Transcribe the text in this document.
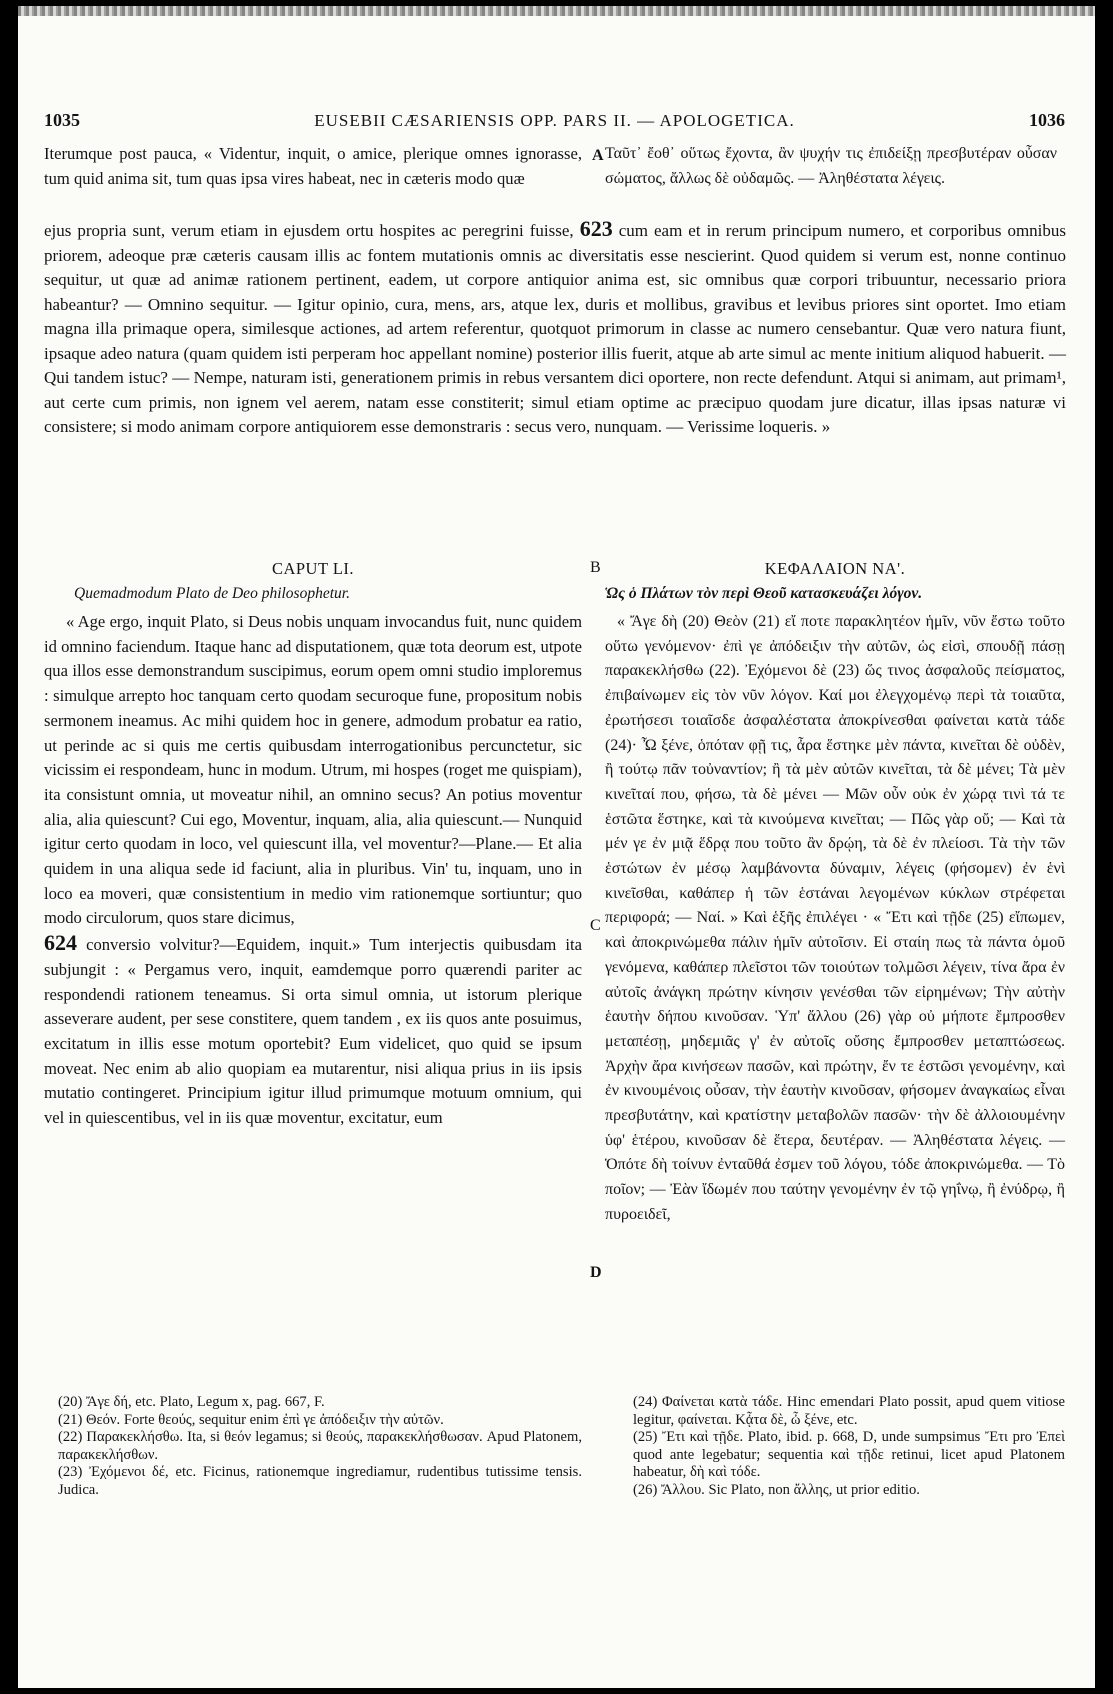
1035	EUSEBII CÆSARIENSIS OPP. PARS II. — APOLOGETICA.	1036

Iterumque post pauca, « Videntur, inquit, o amice, plerique omnes ignorasse, tum quid anima sit, tum quas ipsa vires habeat, nec in cæteris modo quæ

A Ταῦτ᾽ ἔοθ᾽ οὕτως ἔχοντα, ἂν ψυχήν τις ἐπιδείξῃ πρεσβυτέραν οὖσαν σώματος, ἄλλως δὲ οὐδαμῶς. — Ἀληθέστατα λέγεις.

ejus propria sunt, verum etiam in ejusdem ortu hospites ac peregrini fuisse, 623 cum eam et in rerum principum numero, et corporibus omnibus priorem, adeoque præ cæteris causam illis ac fontem mutationis omnis ac diversitatis esse nescierint. Quod quidem si verum est, nonne continuo sequitur, ut quæ ad animæ rationem pertinent, eadem, ut corpore antiquior anima est, sic omnibus quæ corpori tribuuntur, necessario priora habeantur? — Omnino sequitur. — Igitur opinio, cura, mens, ars, atque lex, duris et mollibus, gravibus et levibus priores sint oportet. Imo etiam magna illa primaque opera, similesque actiones, ad artem referentur, quotquot primorum in classe ac numero censebantur. Quæ vero natura fiunt, ipsaque adeo natura (quam quidem isti perperam hoc appellant nomine) posterior illis fuerit, atque ab arte simul ac mente initium aliquod habuerit. — Qui tandem istuc? — Nempe, naturam isti, generationem primis in rebus versantem dici oportere, non recte defendunt. Atqui si animam, aut primam¹, aut certe cum primis, non ignem vel aerem, natam esse constiterit; simul etiam optime ac præcipuo quodam jure dicatur, illas ipsas naturæ vi consistere; si modo animam corpore antiquiorem esse demonstraris : secus vero, nunquam. — Verissime loqueris. »

CAPUT LI.	B	ΚΕΦΑΛΑΙΟΝ ΝΑ'.
Quemadmodum Plato de Deo philosophetur.	Ὡς ὁ Πλάτων τὸν περὶ Θεοῦ κατασκευάζει λόγον.

« Age ergo, inquit Plato, si Deus nobis unquam invocandus fuit, nunc quidem id omnino faciendum. Itaque hanc ad disputationem, quæ tota deorum est, utpote qua illos esse demonstrandum suscipimus, eorum opem omni studio imploremus : simulque arrepto hoc tanquam certo quodam securoque fune, propositum nobis sermonem ineamus. Ac mihi quidem hoc in genere, admodum probatur ea ratio, ut perinde ac si quis me certis quibusdam interrogationibus percunctetur, sic vicissim ei respondeam, hunc in modum. Utrum, mi hospes (roget me quispiam), ita consistunt omnia, ut moveatur nihil, an omnino secus? An potius moventur alia, alia quiescunt? Cui ego, Moventur, inquam, alia, alia quiescunt.— Nunquid igitur certo quodam in loco, vel quiescunt illa, vel moventur?—Plane.— Et alia quidem in una aliqua sede id faciunt, alia in pluribus. Vin' tu, inquam, uno in loco ea moveri, quæ consistentium in medio vim rationemque sortiuntur; quo modo circulorum, quos stare dicimus,

624 conversio volvitur?—Equidem, inquit.» Tum interjectis quibusdam ita subjungit : « Pergamus vero, inquit, eamdemque porro quærendi pariter ac respondendi rationem teneamus. Si orta simul omnia, ut istorum plerique asseverare audent, per sese constitere, quem tandem , ex iis quos ante posuimus, excitatum in illis esse motum oportebit? Eum videlicet, quo quid se ipsum moveat. Nec enim ab alio quopiam ea mutarentur, nisi aliqua prius in iis ipsis mutatio contingeret. Principium igitur illud primumque motuum omnium, qui vel in quiescentibus, vel in iis quæ moventur, excitatur, eum

C
D

« Ἄγε δὴ (20) Θεὸν (21) εἴ ποτε παρακλητέον ἡμῖν, νῦν ἔστω τοῦτο οὕτω γενόμενον· ἐπὶ γε ἀπόδειξιν τὴν αὐτῶν, ὡς εἰσὶ, σπουδῇ πάσῃ παρακεκλήσθω (22). Ἐχόμενοι δὲ (23) ὥς τινος ἀσφαλοῦς πείσματος, ἐπιβαίνωμεν εἰς τὸν νῦν λόγον. Καί μοι ἐλεγχομένῳ περὶ τὰ τοιαῦτα, ἐρωτήσεσι τοιαῖσδε ἀσφαλέστατα ἀποκρίνεσθαι φαίνεται κατὰ τάδε (24)· Ὦ ξένε, ὁπόταν φῇ τις, ἆρα ἕστηκε μὲν πάντα, κινεῖται δὲ οὐδὲν, ἢ τούτῳ πᾶν τοὐναντίον; ἢ τὰ μὲν αὐτῶν κινεῖται, τὰ δὲ μένει; Τὰ μὲν κινεῖταί που, φήσω, τὰ δὲ μένει — Μῶν οὖν οὐκ ἐν χώρᾳ τινὶ τά τε ἑστῶτα ἕστηκε, καὶ τὰ κινούμενα κινεῖται; — Πῶς γὰρ οὔ; — Καὶ τὰ μέν γε ἐν μιᾷ ἕδρᾳ που τοῦτο ἂν δρῴη, τὰ δὲ ἐν πλείοσι. Τὰ τὴν τῶν ἑστώτων ἐν μέσῳ λαμβάνοντα δύναμιν, λέγεις (φήσομεν) ἐν ἑνὶ κινεῖσθαι, καθάπερ ἡ τῶν ἑστάναι λεγομένων κύκλων στρέφεται περιφορά; — Ναί. » Καὶ ἑξῆς ἐπιλέγει · « Ἔτι καὶ τῇδε (25) εἴπωμεν, καὶ ἀποκρινώμεθα πάλιν ἡμῖν αὐτοῖσιν. Εἰ σταίη πως τὰ πάντα ὁμοῦ γενόμενα, καθάπερ πλεῖστοι τῶν τοιούτων τολμῶσι λέγειν, τίνα ἄρα ἐν αὐτοῖς ἀνάγκη πρώτην κίνησιν γενέσθαι τῶν εἰρημένων; Τὴν αὐτὴν ἑαυτὴν δήπου κινοῦσαν. Ὑπ' ἄλλου (26) γὰρ οὐ μήποτε ἔμπροσθεν μεταπέσῃ, μηδεμιᾶς γ' ἐν αὐτοῖς οὔσης ἔμπροσθεν μεταπτώσεως. Ἀρχὴν ἄρα κινήσεων πασῶν, καὶ πρώτην, ἔν τε ἑστῶσι γενομένην, καὶ ἐν κινουμένοις οὖσαν, τὴν ἑαυτὴν κινοῦσαν, φήσομεν ἀναγκαίως εἶναι πρεσβυτάτην, καὶ κρατίστην μεταβολῶν πασῶν· τὴν δὲ ἀλλοιουμένην ὑφ' ἑτέρου, κινοῦσαν δὲ ἕτερα, δευτέραν. — Ἀληθέστατα λέγεις. — Ὁπότε δὴ τοίνυν ἐνταῦθά ἐσμεν τοῦ λόγου, τόδε ἀποκρινώμεθα. — Τὸ ποῖον; — Ἐὰν ἴδωμέν που ταύτην γενομένην ἐν τῷ γηΐνῳ, ἢ ἐνύδρῳ, ἢ πυροειδεῖ,

(20) Ἄγε δή, etc. Plato, Legum x, pag. 667, F.

(21) Θεόν. Forte θεούς, sequitur enim ἐπὶ γε ἀπόδειξιν τὴν αὐτῶν.

(22) Παρακεκλήσθω. Ita, si θεόν legamus; si θεούς, παρακεκλήσθωσαν. Apud Platonem, παρακεκλήσθων.

(23) Ἐχόμενοι δέ, etc. Ficinus, rationemque ingrediamur, rudentibus tutissime tensis. Judica.

(24) Φαίνεται κατὰ τάδε. Hinc emendari Plato possit, apud quem vitiose legitur, φαίνεται. Κᾆτα δὲ, ὦ ξένε, etc.

(25) Ἔτι καὶ τῇδε. Plato, ibid. p. 668, D, unde sumpsimus Ἔτι pro Ἐπεὶ quod ante legebatur; sequentia καὶ τῇδε retinui, licet apud Platonem habeatur, δὴ καὶ τόδε.

(26) Ἄλλου. Sic Plato, non ἄλλης, ut prior editio.
